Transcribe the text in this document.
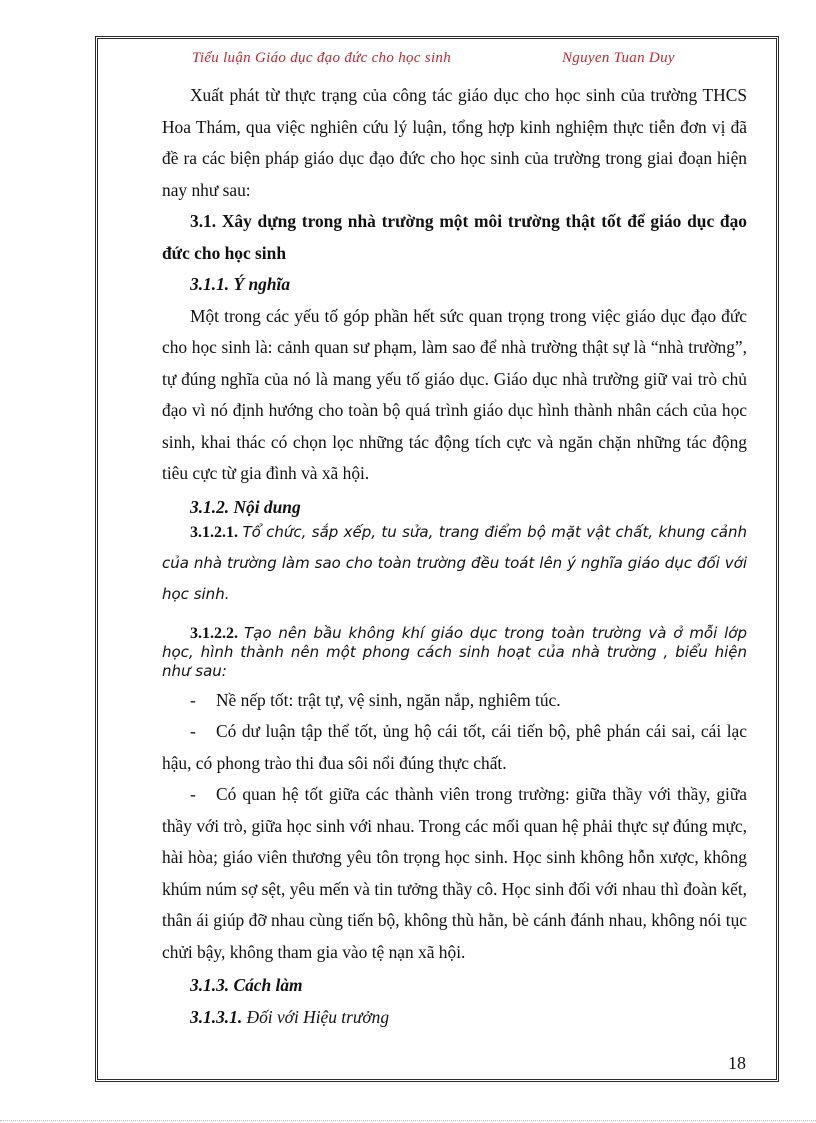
Tiểu luận Giáo dục đạo đức cho học sinh	Nguyen Tuan Duy

Xuất phát từ thực trạng của công tác giáo dục cho học sinh của trường THCS Hoa Thám, qua việc nghiên cứu lý luận, tổng hợp kinh nghiệm thực tiễn đơn vị đã đề ra các biện pháp giáo dục đạo đức cho học sinh của trường trong giai đoạn hiện nay như sau:

3.1. Xây dựng trong nhà trường một môi trường thật tốt để giáo dục đạo đức cho học sinh

3.1.1. Ý nghĩa

Một trong các yếu tố góp phần hết sức quan trọng trong việc giáo dục đạo đức cho học sinh là: cảnh quan sư phạm, làm sao để nhà trường thật sự là “nhà trường”, tự đúng nghĩa của nó là mang yếu tố giáo dục. Giáo dục nhà trường giữ vai trò chủ đạo vì nó định hướng cho toàn bộ quá trình giáo dục hình thành nhân cách của học sinh, khai thác có chọn lọc những tác động tích cực và ngăn chặn những tác động tiêu cực từ gia đình và xã hội.

3.1.2. Nội dung

3.1.2.1. Tổ chức, sắp xếp, tu sửa, trang điểm bộ mặt vật chất, khung cảnh của nhà trường làm sao cho toàn trường đều toát lên ý nghĩa giáo dục đối với học sinh.

3.1.2.2. Tạo nên bầu không khí giáo dục trong toàn trường và ở mỗi lớp học, hình thành nên một phong cách sinh hoạt của nhà trường , biểu hiện như sau:

- Nề nếp tốt: trật tự, vệ sinh, ngăn nắp, nghiêm túc.

- Có dư luận tập thể tốt, ủng hộ cái tốt, cái tiến bộ, phê phán cái sai, cái lạc hậu, có phong trào thi đua sôi nổi đúng thực chất.

- Có quan hệ tốt giữa các thành viên trong trường: giữa thầy với thầy, giữa thầy với trò, giữa học sinh với nhau. Trong các mối quan hệ phải thực sự đúng mực, hài hòa; giáo viên thương yêu tôn trọng học sinh. Học sinh không hỗn xược, không khúm núm sợ sệt, yêu mến và tin tưởng thầy cô. Học sinh đối với nhau thì đoàn kết, thân ái giúp đỡ nhau cùng tiến bộ, không thù hằn, bè cánh đánh nhau, không nói tục chửi bậy, không tham gia vào tệ nạn xã hội.

3.1.3. Cách làm

3.1.3.1. Đối với Hiệu trưởng

18
